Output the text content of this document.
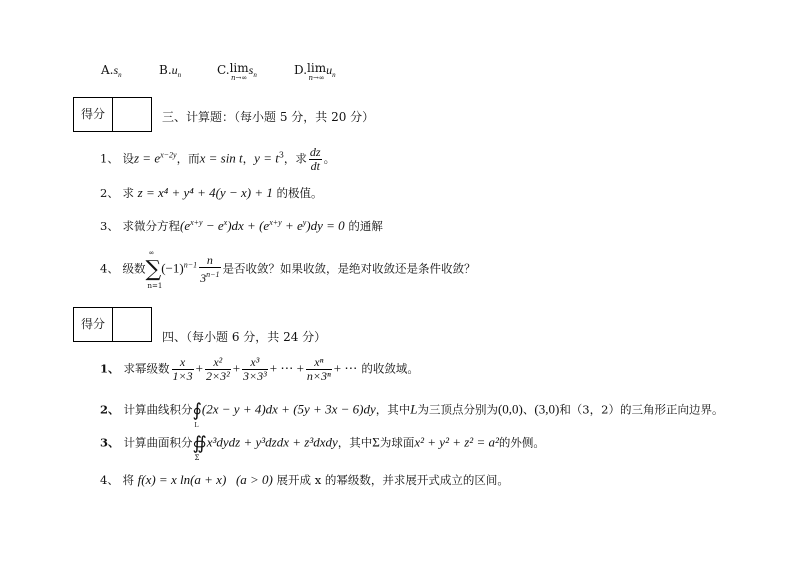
$A.s_n$	$B.u_n$	C.lim
n→∞
$s_n$	D.lim
n→∞
$u_n$
得分	三、计算题：（每小题 5 分，共 20 分）
1、 设$z = e^{x-2y}$，而x = sin t，$y = t^3$，求 $\frac{dz}{dt}$ 。
2、 求 z = x⁴ + y⁴ + 4(y − x) + 1 的极值。
3、 求微分方程$(e^{x+y} - e^x)dx + (e^{x+y} + e^y)dy = 0$ 的通解
4、 级数∑
∞
n=1
$(-1)^{n-1} \frac{n}{3^{n-1}}$ 是否收敛？如果收敛，是绝对收敛还是条件收敛？
得分
四、（每小题 6 分，共 24 分）
1、 求幂级数 $\frac{x}{1\times 3} + \frac{\text{x²}}{\text{2×3²}} + \frac{\text{x³}}{\text{3×3³}}$ + ⋯ + $\frac{\text{xⁿ}}{\text{n×3ⁿ}}$ + ⋯ 的收敛域。
2、 计算曲线积分∮
L
(2x − y + 4)dx + (5y + 3x − 6)dy，其中L为三顶点分别为(0,0)、(3,0)和（3，2）的三角形正向边界。
3、 计算曲面积分∯
Σ
x³dydz + y³dzdx + z³dxdy，其中Σ为球面x² + y² + z² = a²的外侧。
4、 将 f(x) = x ln(a + x) (a > 0) 展开成 x 的幂级数，并求展开式成立的区间。
